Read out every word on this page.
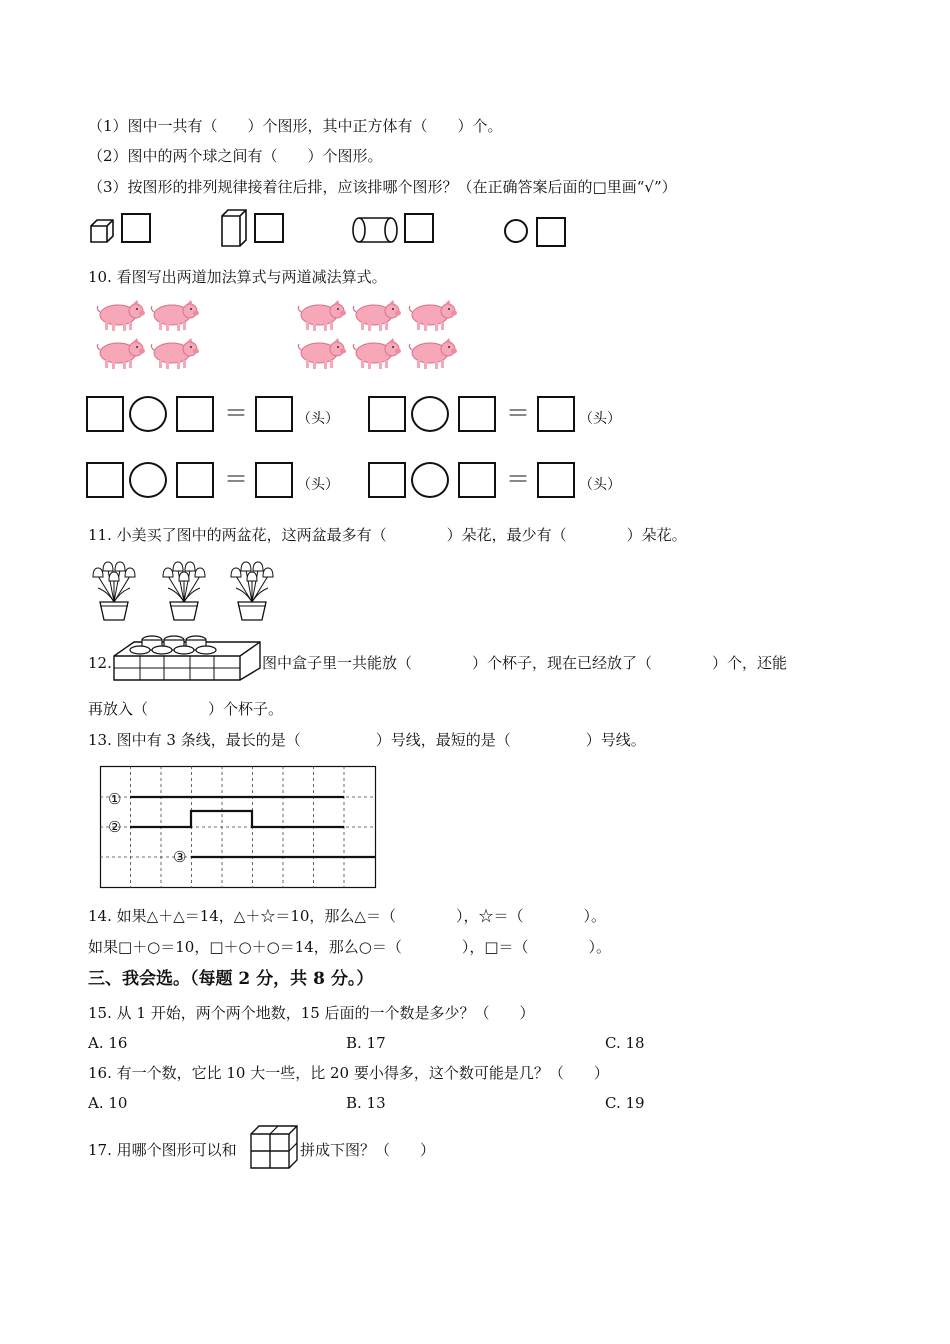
（1）图中一共有（　　）个图形，其中正方体有（　　）个。
（2）图中的两个球之间有（　　）个图形。
（3）按图形的排列规律接着往后排，应该排哪个图形？（在正确答案后面的□里画“√”）
10. 看图写出两道加法算式与两道减法算式。
11. 小美买了图中的两盆花，这两盆最多有（　　　　）朵花，最少有（　　　　）朵花。
12.	图中盒子里一共能放（　　　　）个杯子，现在已经放了（　　　　）个，还能
再放入（　　　　）个杯子。
13. 图中有 3 条线，最长的是（　　　　　）号线，最短的是（　　　　　）号线。
①
②
③
14. 如果△＋△＝14，△＋☆＝10，那么△＝（　　　　），☆＝（　　　　）。
如果□＋○＝10，□＋○＋○＝14，那么○＝（　　　　），□＝（　　　　）。
三、我会选。（每题 2 分，共 8 分。）
15. 从 1 开始，两个两个地数，15 后面的一个数是多少？（　　）
A. 16	B. 17	C. 18
16. 有一个数，它比 10 大一些，比 20 要小得多，这个数可能是几？（　　）
A. 10	B. 13	C. 19
17. 用哪个图形可以和	拼成下图？（　　）
＝	（头）	＝	（头）
＝	（头）	＝	（头）
